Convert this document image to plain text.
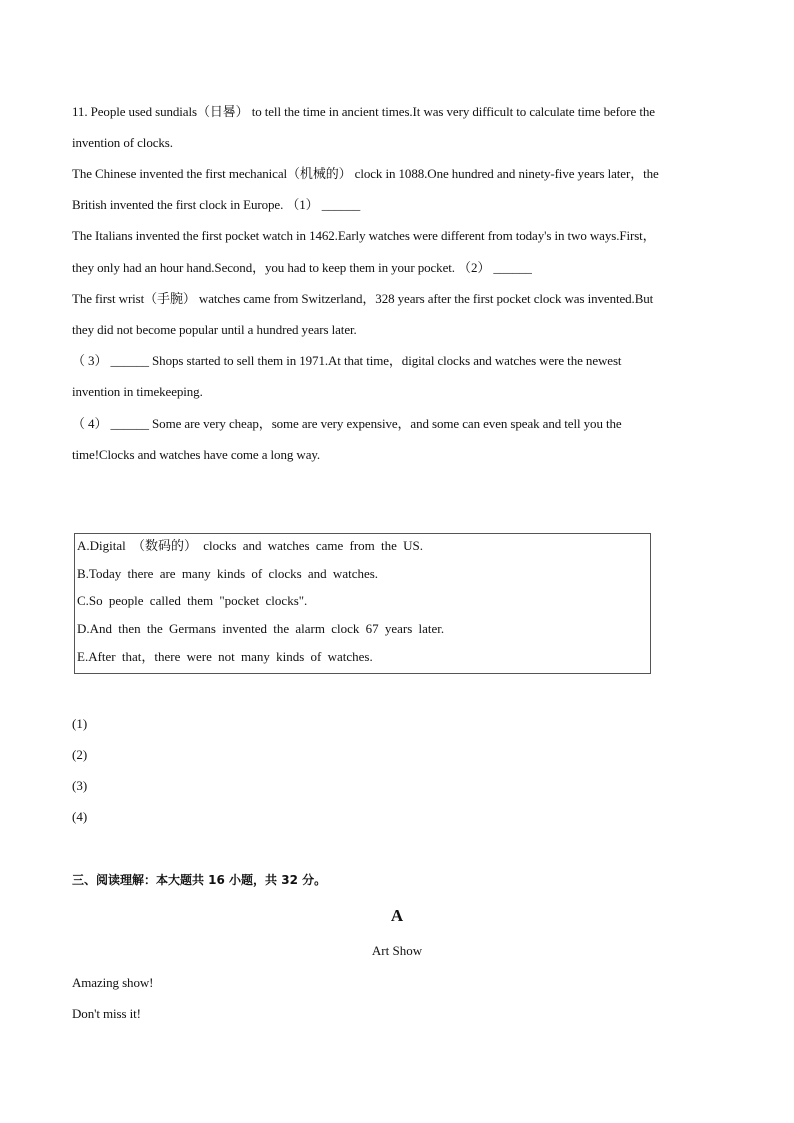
11. People used sundials（日晷） to tell the time in ancient times.It was very difficult to calculate time before the
invention of clocks.
The Chinese invented the first mechanical（机械的） clock in 1088.One hundred and ninety-five years later，the
British invented the first clock in Europe. （1） ______
The Italians invented the first pocket watch in 1462.Early watches were different from today's in two ways.First，
they only had an hour hand.Second，you had to keep them in your pocket. （2） ______
The first wrist（手腕） watches came from Switzerland，328 years after the first pocket clock was invented.But
they did not become popular until a hundred years later.
（ 3） ______ Shops started to sell them in 1971.At that time，digital clocks and watches were the newest
invention in timekeeping.
（ 4） ______ Some are very cheap，some are very expensive，and some can even speak and tell you the
time!Clocks and watches have come a long way.
A.Digital （数码的） clocks and watches came from the US.
B.Today there are many kinds of clocks and watches.
C.So people called them "pocket clocks".
D.And then the Germans invented the alarm clock 67 years later.
E.After that，there were not many kinds of watches.
(1)
(2)
(3)
(4)
三、阅读理解：本大题共 16 小题，共 32 分。
A
Art Show
Amazing show!
Don't miss it!
